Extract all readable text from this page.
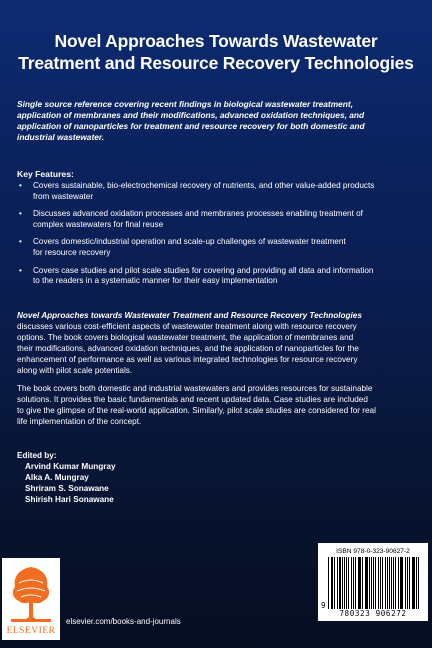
Novel Approaches Towards Wastewater
Treatment and Resource Recovery Technologies
Single source reference covering recent findings in biological wastewater treatment,
application of membranes and their modifications, advanced oxidation techniques, and
application of nanoparticles for treatment and resource recovery for both domestic and
industrial wastewater.
Key Features:
• Covers sustainable, bio-electrochemical recovery of nutrients, and other value-added products
from wastewater
• Discusses advanced oxidation processes and membranes processes enabling treatment of
complex wastewaters for final reuse
• Covers domestic/industrial operation and scale-up challenges of wastewater treatment
for resource recovery
• Covers case studies and pilot scale studies for covering and providing all data and information
to the readers in a systematic manner for their easy implementation
Novel Approaches towards Wastewater Treatment and Resource Recovery Technologies
discusses various cost-efficient aspects of wastewater treatment along with resource recovery
options. The book covers biological wastewater treatment, the application of membranes and
their modifications, advanced oxidation techniques, and the application of nanoparticles for the
enhancement of performance as well as various integrated technologies for resource recovery
along with pilot scale potentials.
The book covers both domestic and industrial wastewaters and provides resources for sustainable
solutions. It provides the basic fundamentals and recent updated data. Case studies are included
to give the glimpse of the real-world application. Similarly, pilot scale studies are considered for real
life implementation of the concept.
Edited by:
Arvind Kumar Mungray
Alka A. Mungray
Shriram S. Sonawane
Shirish Hari Sonawane
ELSEVIER
elsevier.com/books-and-journals
ISBN 978-0-323-90627-2
9
780323 906272
